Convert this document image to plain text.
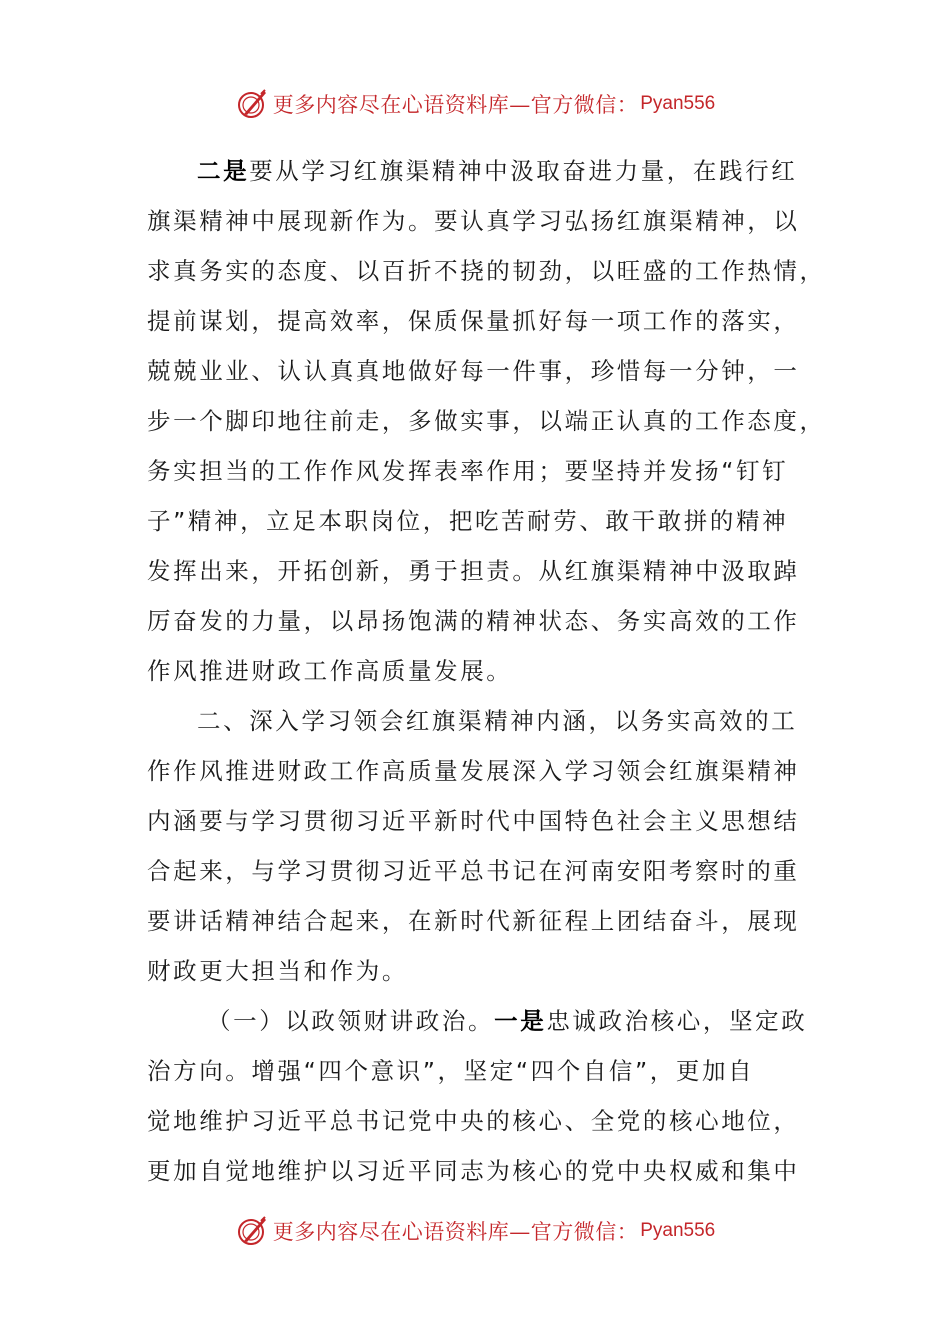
更多内容尽在心语资料库—官方微信： Pyan556

二是要从学习红旗渠精神中汲取奋进力量，在践行红
旗渠精神中展现新作为。要认真学习弘扬红旗渠精神，以
求真务实的态度、以百折不挠的韧劲，以旺盛的工作热情，
提前谋划，提高效率，保质保量抓好每一项工作的落实，
兢兢业业、认认真真地做好每一件事，珍惜每一分钟，一
步一个脚印地往前走，多做实事，以端正认真的工作态度，
务实担当的工作作风发挥表率作用；要坚持并发扬“钉钉
子”精神，立足本职岗位，把吃苦耐劳、敢干敢拼的精神
发挥出来，开拓创新，勇于担责。从红旗渠精神中汲取踔
厉奋发的力量，以昂扬饱满的精神状态、务实高效的工作
作风推进财政工作高质量发展。

二、深入学习领会红旗渠精神内涵，以务实高效的工
作作风推进财政工作高质量发展深入学习领会红旗渠精神
内涵要与学习贯彻习近平新时代中国特色社会主义思想结
合起来，与学习贯彻习近平总书记在河南安阳考察时的重
要讲话精神结合起来，在新时代新征程上团结奋斗，展现
财政更大担当和作为。

（一）以政领财讲政治。一是忠诚政治核心，坚定政
治方向。增强“四个意识”，坚定“四个自信”，更加自
觉地维护习近平总书记党中央的核心、全党的核心地位，
更加自觉地维护以习近平同志为核心的党中央权威和集中

更多内容尽在心语资料库—官方微信： Pyan556
